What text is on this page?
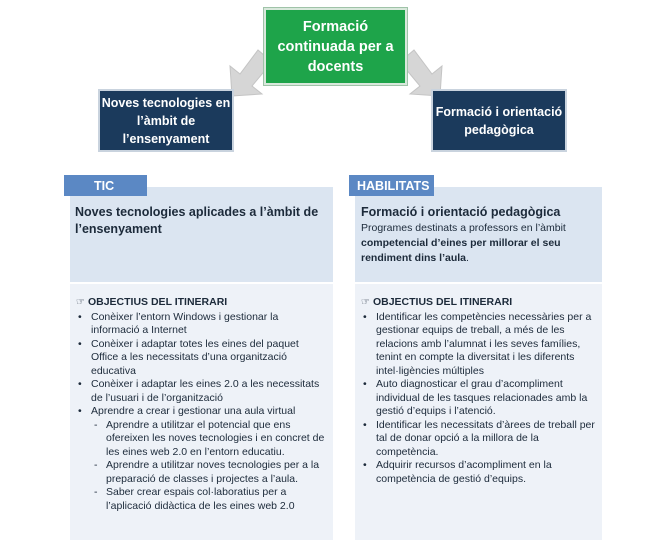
Formació continuada per a docents
Noves tecnologies en l’àmbit de l’ensenyament
Formació i orientació pedagògica
Noves tecnologies aplicades a l’àmbit de l’ensenyament
TIC
☞ OBJECTIUS DEL ITINERARI
• Conèixer l’entorn Windows i gestionar la informació a Internet
• Conèixer i adaptar totes les eines del paquet Office a les necessitats d’una organització educativa
• Conèixer i adaptar les eines 2.0 a les necessitats de l’usuari i de l’organització
• Aprendre a crear i gestionar una aula virtual
- Aprendre a utilitzar el potencial que ens ofereixen les noves tecnologies i en concret de les eines web 2.0 en l’entorn educatiu.
- Aprendre a utilitzar noves tecnologies per a la preparació de classes i projectes a l’aula.
- Saber crear espais col·laboratius per a l’aplicació didàctica de les eines web 2.0
Formació i orientació pedagògica
Programes destinats a professors en l’àmbit competencial d’eines per millorar el seu rendiment dins l’aula.
HABILITATS
☞ OBJECTIUS DEL ITINERARI
• Identificar les competències necessàries per a gestionar equips de treball, a més de les relacions amb l’alumnat i les seves famílies, tenint en compte la diversitat i les diferents intel·ligències múltiples
• Auto diagnosticar el grau d’acompliment individual de les tasques relacionades amb la gestió d’equips i l’atenció.
• Identificar les necessitats d’àrees de treball per tal de donar opció a la millora de la competència.
• Adquirir recursos d’acompliment en la competència de gestió d’equips.
